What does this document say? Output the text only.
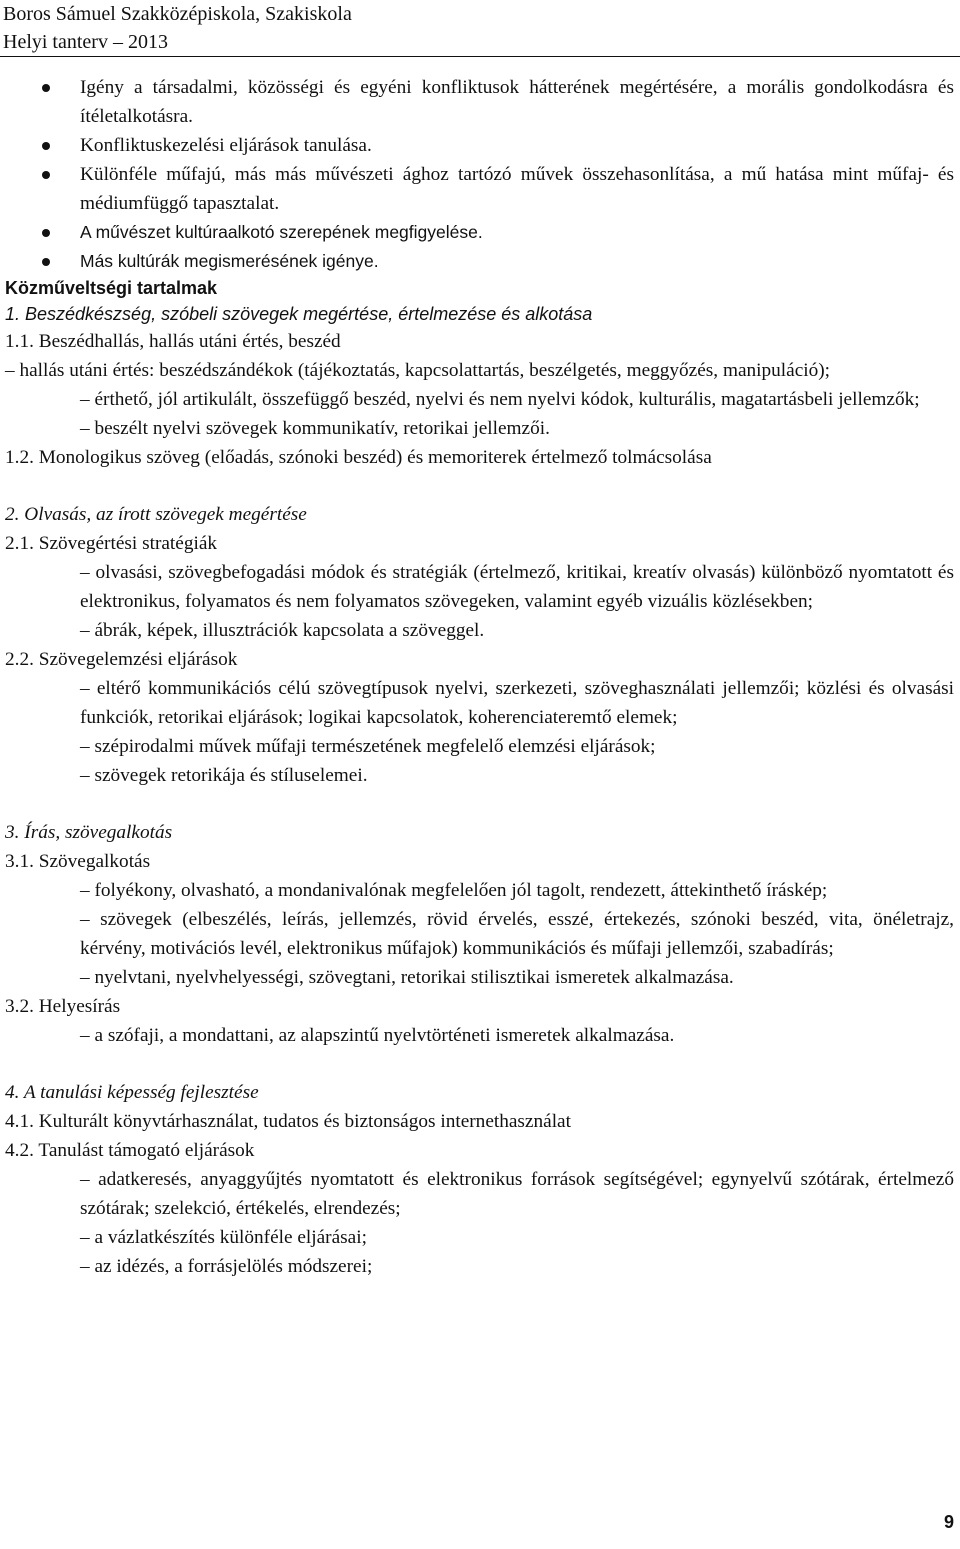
Boros Sámuel Szakközépiskola, Szakiskola
Helyi tanterv – 2013
Igény a társadalmi, közösségi és egyéni konfliktusok hátterének megértésére, a morális gondolkodásra és ítéletalkotásra.
Konfliktuskezelési eljárások tanulása.
Különféle műfajú, más más művészeti ághoz tartózó művek összehasonlítása, a mű hatása mint műfaj- és médiumfüggő tapasztalat.
A művészet kultúraalkotó szerepének megfigyelése.
Más kultúrák megismerésének igénye.
Közműveltségi tartalmak
1. Beszédkészség, szóbeli szövegek megértése, értelmezése és alkotása
1.1. Beszédhallás, hallás utáni értés, beszéd
– hallás utáni értés: beszédszándékok (tájékoztatás, kapcsolattartás, beszélgetés, meggyőzés, manipuláció);
– érthető, jól artikulált, összefüggő beszéd, nyelvi és nem nyelvi kódok, kulturális, magatartásbeli jellemzők;
– beszélt nyelvi szövegek kommunikatív, retorikai jellemzői.
1.2. Monologikus szöveg (előadás, szónoki beszéd) és memoriterek értelmező tolmácsolása
2. Olvasás, az írott szövegek megértése
2.1. Szövegértési stratégiák
– olvasási, szövegbefogadási módok és stratégiák (értelmező, kritikai, kreatív olvasás) különböző nyomtatott és elektronikus, folyamatos és nem folyamatos szövegeken, valamint egyéb vizuális közlésekben;
– ábrák, képek, illusztrációk kapcsolata a szöveggel.
2.2. Szövegelemzési eljárások
– eltérő kommunikációs célú szövegtípusok nyelvi, szerkezeti, szöveghasználati jellemzői; közlési és olvasási funkciók, retorikai eljárások; logikai kapcsolatok, koherenciateremtő elemek;
– szépirodalmi művek műfaji természetének megfelelő elemzési eljárások;
– szövegek retorikája és stíluselemei.
3. Írás, szövegalkotás
3.1. Szövegalkotás
– folyékony, olvasható, a mondanivalónak megfelelően jól tagolt, rendezett, áttekinthető íráskép;
– szövegek (elbeszélés, leírás, jellemzés, rövid érvelés, esszé, értekezés, szónoki beszéd, vita, önéletrajz, kérvény, motivációs levél, elektronikus műfajok) kommunikációs és műfaji jellemzői, szabadírás;
– nyelvtani, nyelvhelyességi, szövegtani, retorikai stilisztikai ismeretek alkalmazása.
3.2. Helyesírás
– a szófaji, a mondattani, az alapszintű nyelvtörténeti ismeretek alkalmazása.
4. A tanulási képesség fejlesztése
4.1. Kulturált könyvtárhasználat, tudatos és biztonságos internethasználat
4.2. Tanulást támogató eljárások
– adatkeresés, anyaggyűjtés nyomtatott és elektronikus források segítségével; egynyelvű szótárak, értelmező szótárak; szelekció, értékelés, elrendezés;
– a vázlatkészítés különféle eljárásai;
– az idézés, a forrásjelölés módszerei;
9
